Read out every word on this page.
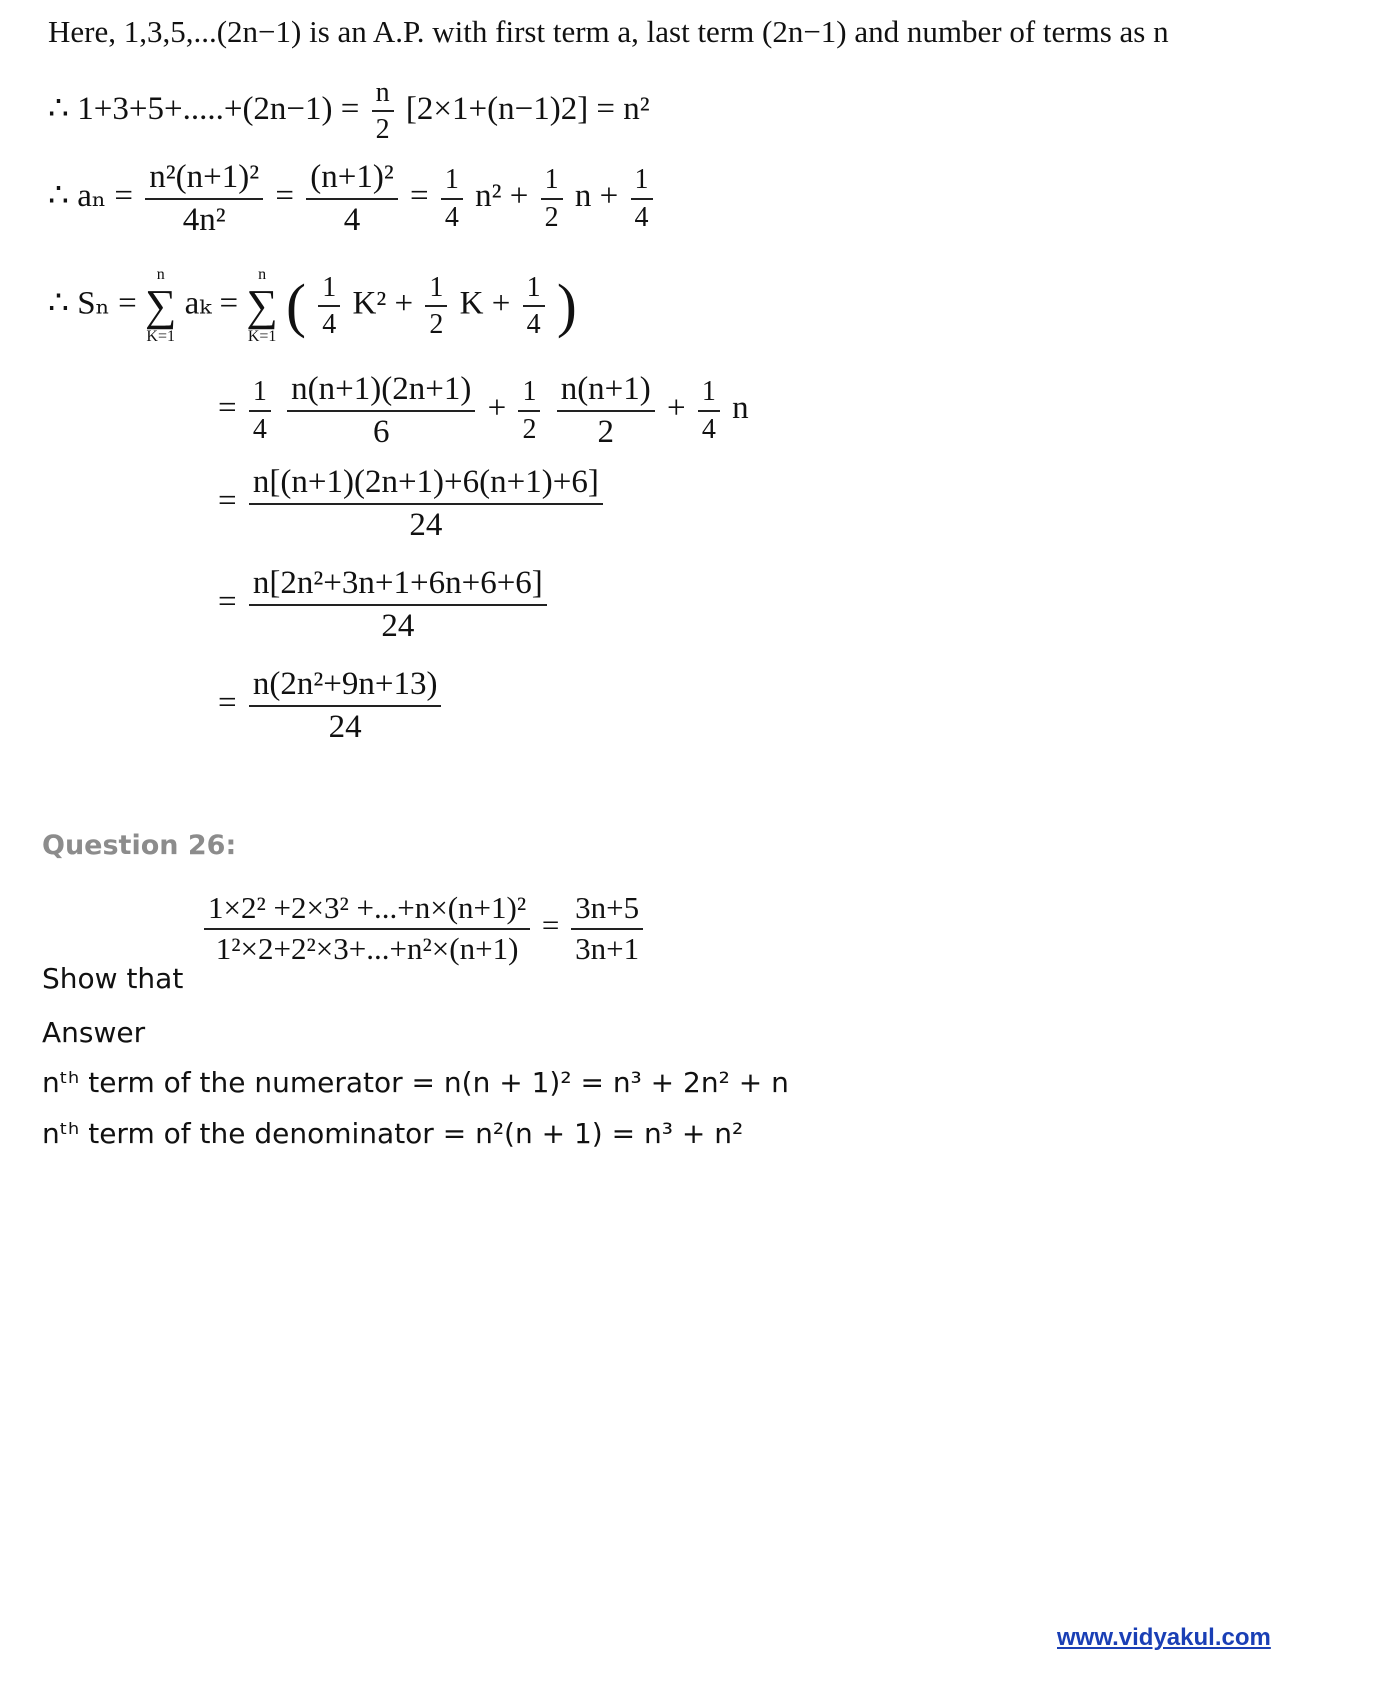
Here, 1,3,5,...(2n−1) is an A.P. with first term a, last term (2n−1) and number of terms as n
∴ $1+3+5+.....+(2n-1) = \frac{n}{2} [2\times 1+(n-1)2] = n^2$
∴ $a_n = \frac{\text{n²(n+1)²}}{\text{4n²}} = \frac{\text{(n+1)²}}{4} = \frac{1}{4} n^2 + \frac{1}{2}$ $n + \frac{1}{4}$
∴ Sₙ =
n
∑
K=1
aₖ =
n
∑
K=1 ( $\frac{1}{4} K^2 + \frac{1}{2}$ $K + \frac{1}{4}$ )
= $\frac{1}{4}$
$\frac{n(n+1)(2n+1)}{6} + \frac{1}{2}$
$\frac{n(n+1)}{2} + \frac{1}{4}$ n
= $\frac{n[(n+1)(2n+1)+6(n+1)+6]}{24}$
= $\frac{\text{n[2n²+3n+1+6n+6+6]}}{24}$
= $\frac{\text{n(2n²+9n+13)}}{24}$
Question 26:
Show that
$\frac{\text{1×2² +2×3² +...+n×(n+1)²}}{\text{1²×2+2²×3+...+n²×(n+1)}} = \frac{3n+5}{3n+1}$
Answer
nᵗʰ term of the numerator = n(n + 1)² = n³ + 2n² + n
nᵗʰ term of the denominator = n²(n + 1) = n³ + n²
www.vidyakul.com
